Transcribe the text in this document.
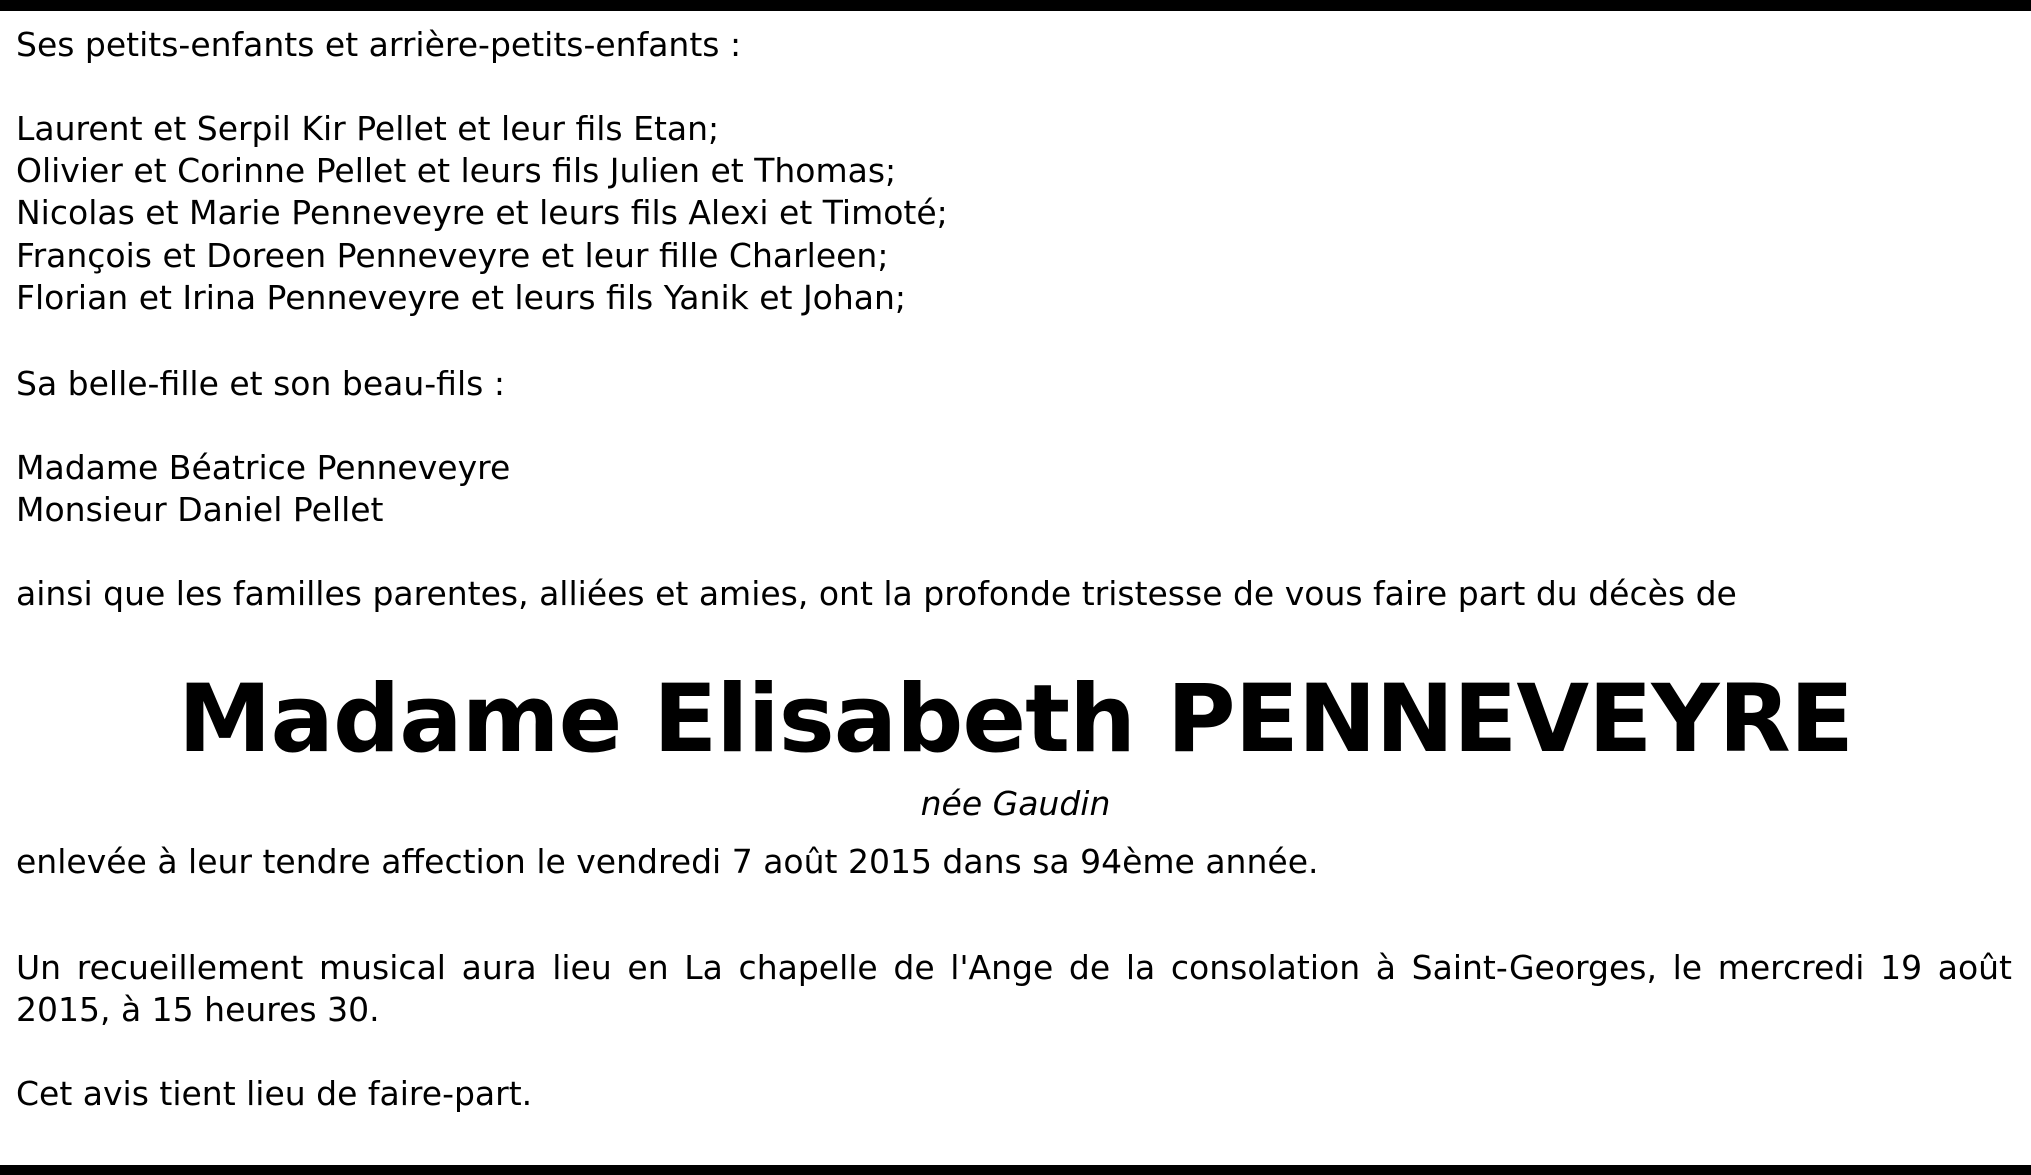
Ses petits-enfants et arrière-petits-enfants :
Laurent et Serpil Kir Pellet et leur fils Etan;
Olivier et Corinne Pellet et leurs fils Julien et Thomas;
Nicolas et Marie Penneveyre et leurs fils Alexi et Timoté;
François et Doreen Penneveyre et leur fille Charleen;
Florian et Irina Penneveyre et leurs fils Yanik et Johan;
Sa belle-fille et son beau-fils :
Madame Béatrice Penneveyre
Monsieur Daniel Pellet
ainsi que les familles parentes, alliées et amies, ont la profonde tristesse de vous faire part du décès de
Madame Elisabeth PENNEVEYRE
née Gaudin
enlevée à leur tendre affection le vendredi 7 août 2015 dans sa 94ème année.
Un recueillement musical aura lieu en La chapelle de l'Ange de la consolation à Saint-Georges, le mercredi 19 août 2015, à 15 heures 30.
Cet avis tient lieu de faire-part.
